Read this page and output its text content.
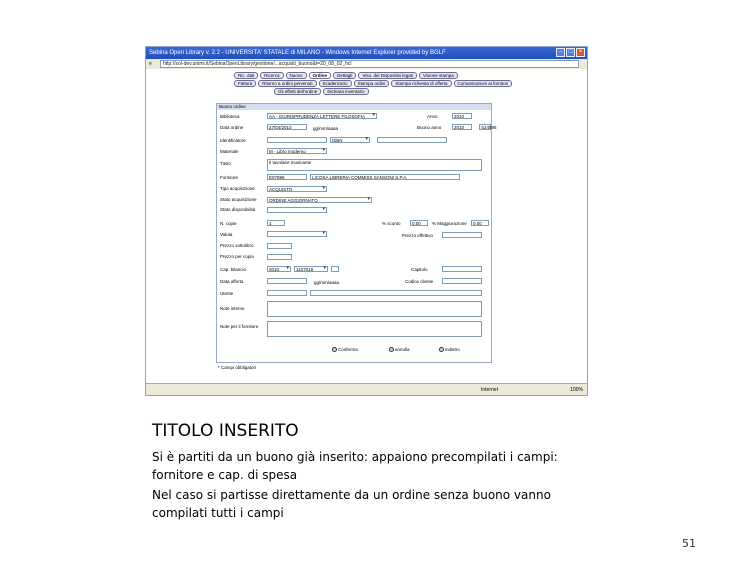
Sebina Open Library v. 2.2 - UNIVERSITA' STATALE di MILANO - Windows Internet Explorer provided by BGLF	–	□	×
e	http://sol-dev.unimi.it/SebinaOpenLibrary/gestione/...acquisti_buono&t=20_08_02_hcl
Ric. dati	Ricerca	Nuovo	Ordine	Dettagli	Visu. dei Dispositivi legati	Visione stampa
Fattura	Ritorno a ordini pervenuti	Scadenzario	Stampa ordini	Stampa richiesta di offerta	Comunicazioni ai fornitori
Gli effetti dell'ordine	Dichiara inventario
Buono ordine
Biblioteca	AA - GIURISPRUDENZA LETTERE FILOSOFIA ▾	Anno	2010
Data ordine	27/04/2010	gg/mm/aaaa	Buono anno	2010	S24586
Identificatore	ISBN ▾
Materiale	M - Libro moderno ▾
Titolo	Il tavolaire musicante
Fornitore	E07896	LICOSA LIBRERIA COMMISS SANSONI S.P.A.
Tipo acquisizione	ACQUISTO ▾
Stato acquisizione	ORDINE AGGIORNATO ▾
Stato disponibilità
▾
N. copie	1	% sconto	0.00	% Maggiorazione	0.00
Valuta
▾	Prezzo effettivo
Prezzo sottolibro
Prezzo per copia
Cap. bilancio	2010 ▾	1107018 ▾	Capitolo
Data offerta	gg/mm/aaaa	Codice cliente
Utente
Note interne
Note per il fornitore
Conferma	annulla	indietro
* Campi obbligatori
Internet	100%
TITOLO INSERITO
Si è partiti da un buono già inserito: appaiono precompilati i campi:
fornitore e cap. di spesa
Nel caso si partisse direttamente da un ordine senza buono vanno
compilati tutti i campi
51
